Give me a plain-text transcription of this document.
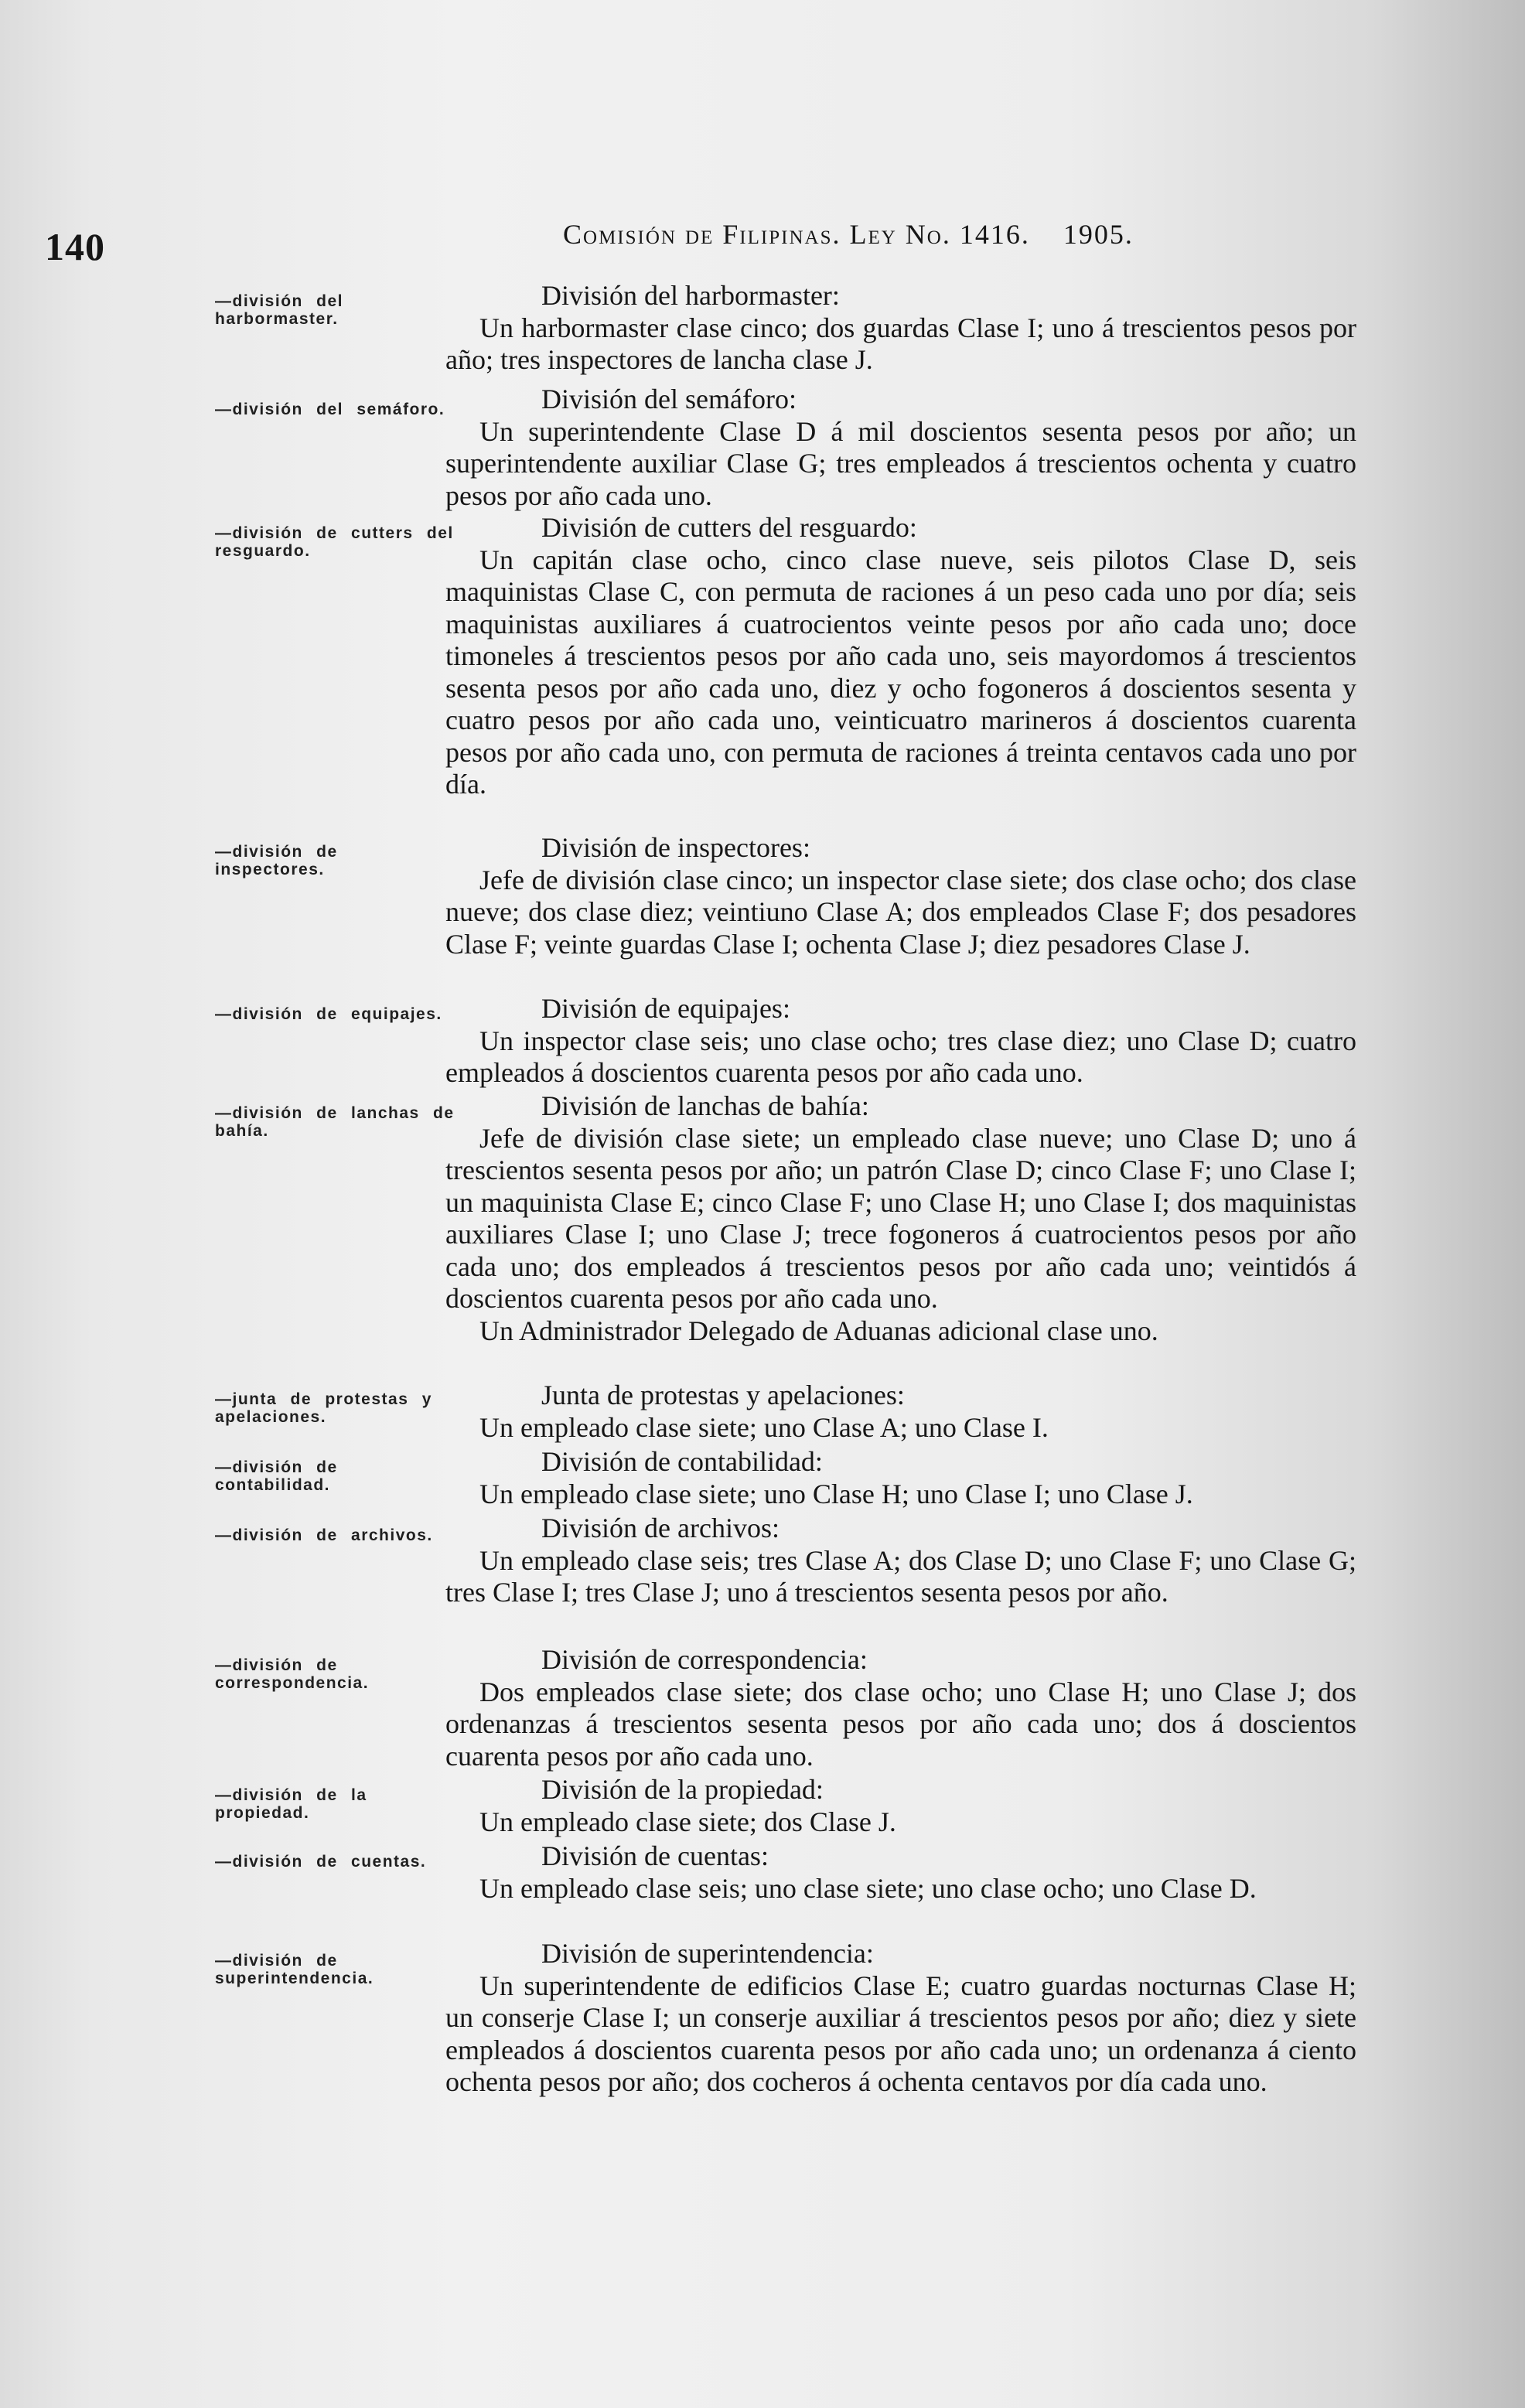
140	Comisión de Filipinas. Ley No. 1416. 1905.
—división del harbormaster.
—división del semáforo.
—división de cutters del resguardo.
—división de inspectores.
—división de equipajes.
—división de lanchas de bahía.
—junta de protestas y apelaciones.
—división de contabilidad.
—división de archivos.
—división de correspondencia.
—división de la propiedad.
—división de cuentas.
—división de superintendencia.

División del harbormaster:

Un harbormaster clase cinco; dos guardas Clase I; uno á trescientos pesos por año; tres inspectores de lancha clase J.

División del semáforo:

Un superintendente Clase D á mil doscientos sesenta pesos por año; un superintendente auxiliar Clase G; tres empleados á trescientos ochenta y cuatro pesos por año cada uno.

División de cutters del resguardo:

Un capitán clase ocho, cinco clase nueve, seis pilotos Clase D, seis maquinistas Clase C, con permuta de raciones á un peso cada uno por día; seis maquinistas auxiliares á cuatrocientos veinte pesos por año cada uno; doce timoneles á trescientos pesos por año cada uno, seis mayordomos á trescientos sesenta pesos por año cada uno, diez y ocho fogoneros á doscientos sesenta y cuatro pesos por año cada uno, veinticuatro marineros á doscientos cuarenta pesos por año cada uno, con permuta de raciones á treinta centavos cada uno por día.

División de inspectores:

Jefe de división clase cinco; un inspector clase siete; dos clase ocho; dos clase nueve; dos clase diez; veintiuno Clase A; dos empleados Clase F; dos pesadores Clase F; veinte guardas Clase I; ochenta Clase J; diez pesadores Clase J.

División de equipajes:

Un inspector clase seis; uno clase ocho; tres clase diez; uno Clase D; cuatro empleados á doscientos cuarenta pesos por año cada uno.

División de lanchas de bahía:

Jefe de división clase siete; un empleado clase nueve; uno Clase D; uno á trescientos sesenta pesos por año; un patrón Clase D; cinco Clase F; uno Clase I; un maquinista Clase E; cinco Clase F; uno Clase H; uno Clase I; dos maquinistas auxiliares Clase I; uno Clase J; trece fogoneros á cuatrocientos pesos por año cada uno; dos empleados á trescientos pesos por año cada uno; veintidós á doscientos cuarenta pesos por año cada uno.

Un Administrador Delegado de Aduanas adicional clase uno.

Junta de protestas y apelaciones:

Un empleado clase siete; uno Clase A; uno Clase I.

División de contabilidad:

Un empleado clase siete; uno Clase H; uno Clase I; uno Clase J.

División de archivos:

Un empleado clase seis; tres Clase A; dos Clase D; uno Clase F; uno Clase G; tres Clase I; tres Clase J; uno á trescientos sesenta pesos por año.

División de correspondencia:

Dos empleados clase siete; dos clase ocho; uno Clase H; uno Clase J; dos ordenanzas á trescientos sesenta pesos por año cada uno; dos á doscientos cuarenta pesos por año cada uno.

División de la propiedad:

Un empleado clase siete; dos Clase J.

División de cuentas:

Un empleado clase seis; uno clase siete; uno clase ocho; uno Clase D.

División de superintendencia:

Un superintendente de edificios Clase E; cuatro guardas nocturnas Clase H; un conserje Clase I; un conserje auxiliar á trescientos pesos por año; diez y siete empleados á doscientos cuarenta pesos por año cada uno; un ordenanza á ciento ochenta pesos por año; dos cocheros á ochenta centavos por día cada uno.
